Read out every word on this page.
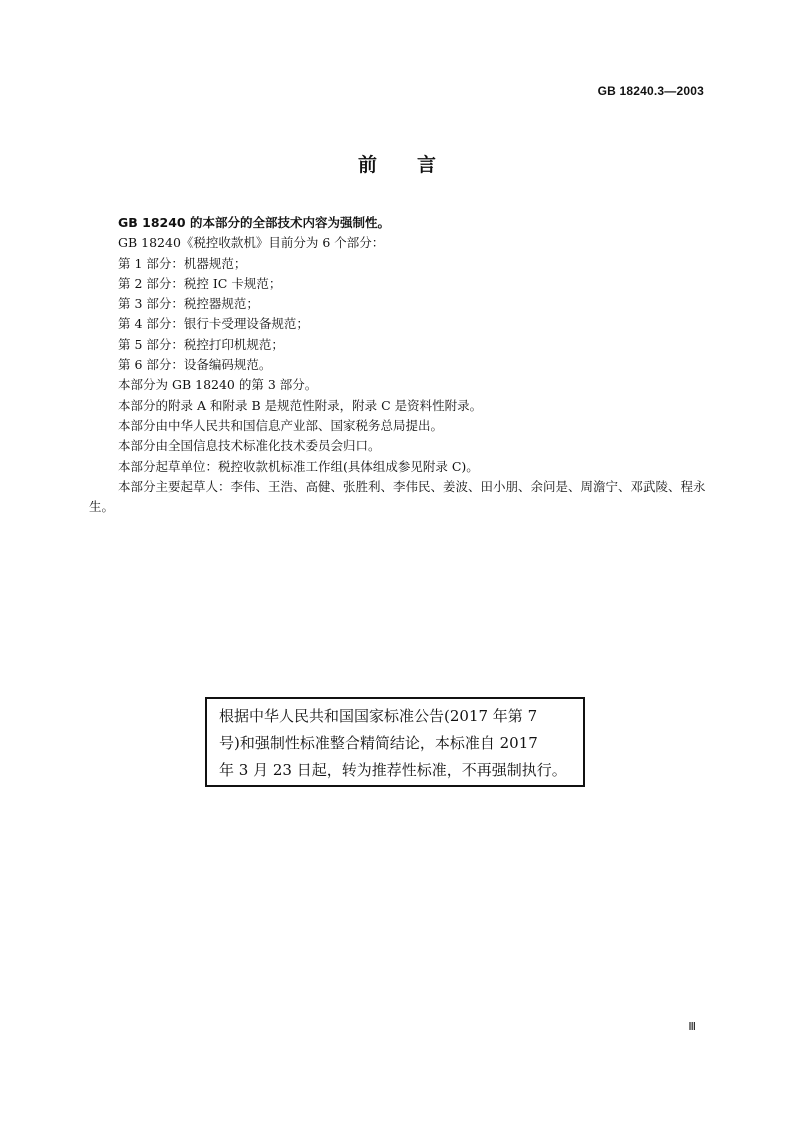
GB 18240.3—2003
前 言

GB 18240 的本部分的全部技术内容为强制性。

GB 18240《税控收款机》目前分为 6 个部分：

第 1 部分：机器规范；

第 2 部分：税控 IC 卡规范；

第 3 部分：税控器规范；

第 4 部分：银行卡受理设备规范；

第 5 部分：税控打印机规范；

第 6 部分：设备编码规范。

本部分为 GB 18240 的第 3 部分。

本部分的附录 A 和附录 B 是规范性附录，附录 C 是资料性附录。

本部分由中华人民共和国信息产业部、国家税务总局提出。

本部分由全国信息技术标准化技术委员会归口。

本部分起草单位：税控收款机标准工作组(具体组成参见附录 C)。

本部分主要起草人：李伟、王浩、高健、张胜利、李伟民、姜波、田小朋、余问是、周澹宁、邓武陵、程永生。

根据中华人民共和国国家标准公告(2017 年第 7
号)和强制性标准整合精简结论，本标准自 2017
年 3 月 23 日起，转为推荐性标准，不再强制执行。
Ⅲ
